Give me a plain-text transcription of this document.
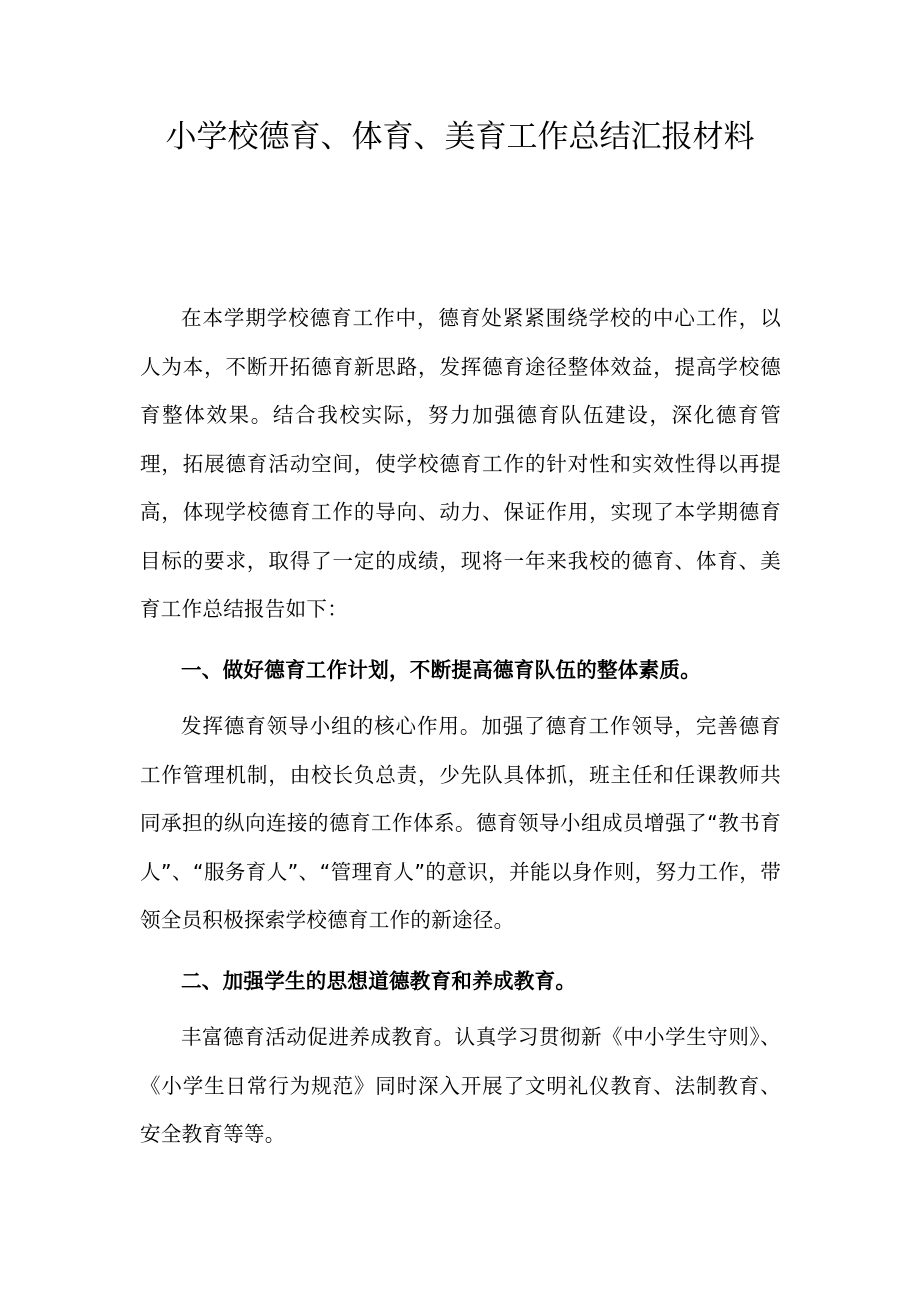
小学校德育、体育、美育工作总结汇报材料

在本学期学校德育工作中，德育处紧紧围绕学校的中心工作，以人为本，不断开拓德育新思路，发挥德育途径整体效益，提高学校德育整体效果。结合我校实际，努力加强德育队伍建设，深化德育管理，拓展德育活动空间，使学校德育工作的针对性和实效性得以再提高，体现学校德育工作的导向、动力、保证作用，实现了本学期德育目标的要求，取得了一定的成绩，现将一年来我校的德育、体育、美育工作总结报告如下：

一、做好德育工作计划，不断提高德育队伍的整体素质。

发挥德育领导小组的核心作用。加强了德育工作领导，完善德育工作管理机制，由校长负总责，少先队具体抓，班主任和任课教师共同承担的纵向连接的德育工作体系。德育领导小组成员增强了“教书育人”、“服务育人”、“管理育人”的意识，并能以身作则，努力工作，带领全员积极探索学校德育工作的新途径。

二、加强学生的思想道德教育和养成教育。

丰富德育活动促进养成教育。认真学习贯彻新《中小学生守则》、《小学生日常行为规范》同时深入开展了文明礼仪教育、法制教育、安全教育等等。
